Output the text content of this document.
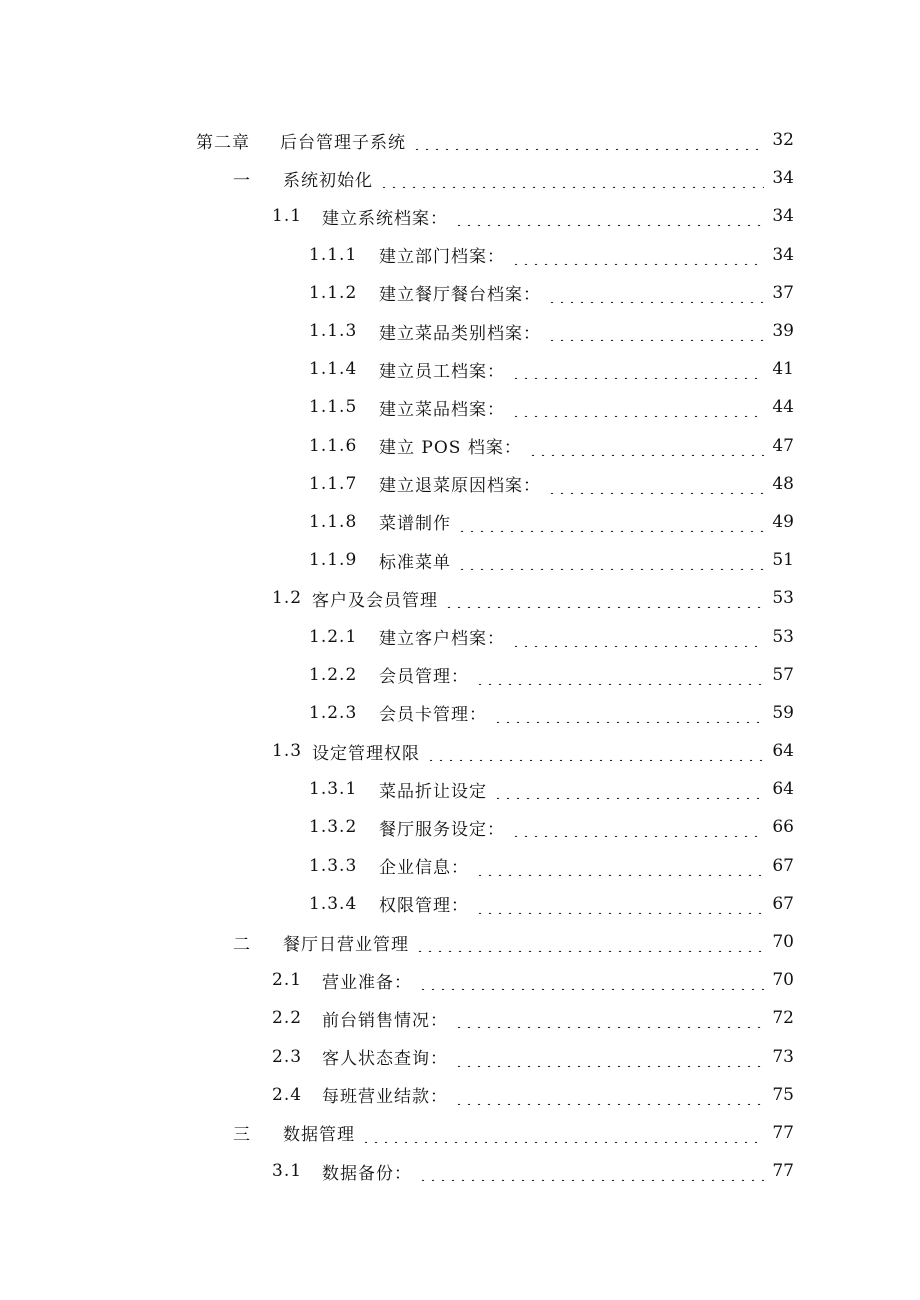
第二章	后台管理子系统	32
一	系统初始化	34
1.1	建立系统档案：	34
1.1.1	建立部门档案：	34
1.1.2	建立餐厅餐台档案：	37
1.1.3	建立菜品类别档案：	39
1.1.4	建立员工档案：	41
1.1.5	建立菜品档案：	44
1.1.6	建立 POS 档案：	47
1.1.7	建立退菜原因档案：	48
1.1.8	菜谱制作	49
1.1.9	标准菜单	51
1.2 客户及会员管理	53
1.2.1	建立客户档案：	53
1.2.2	会员管理：	57
1.2.3	会员卡管理：	59
1.3 设定管理权限	64
1.3.1	菜品折让设定	64
1.3.2	餐厅服务设定：	66
1.3.3	企业信息：	67
1.3.4	权限管理：	67
二	餐厅日营业管理	70
2.1	营业准备：	70
2.2	前台销售情况：	72
2.3	客人状态查询：	73
2.4	每班营业结款：	75
三	数据管理	77
3.1	数据备份：	77
